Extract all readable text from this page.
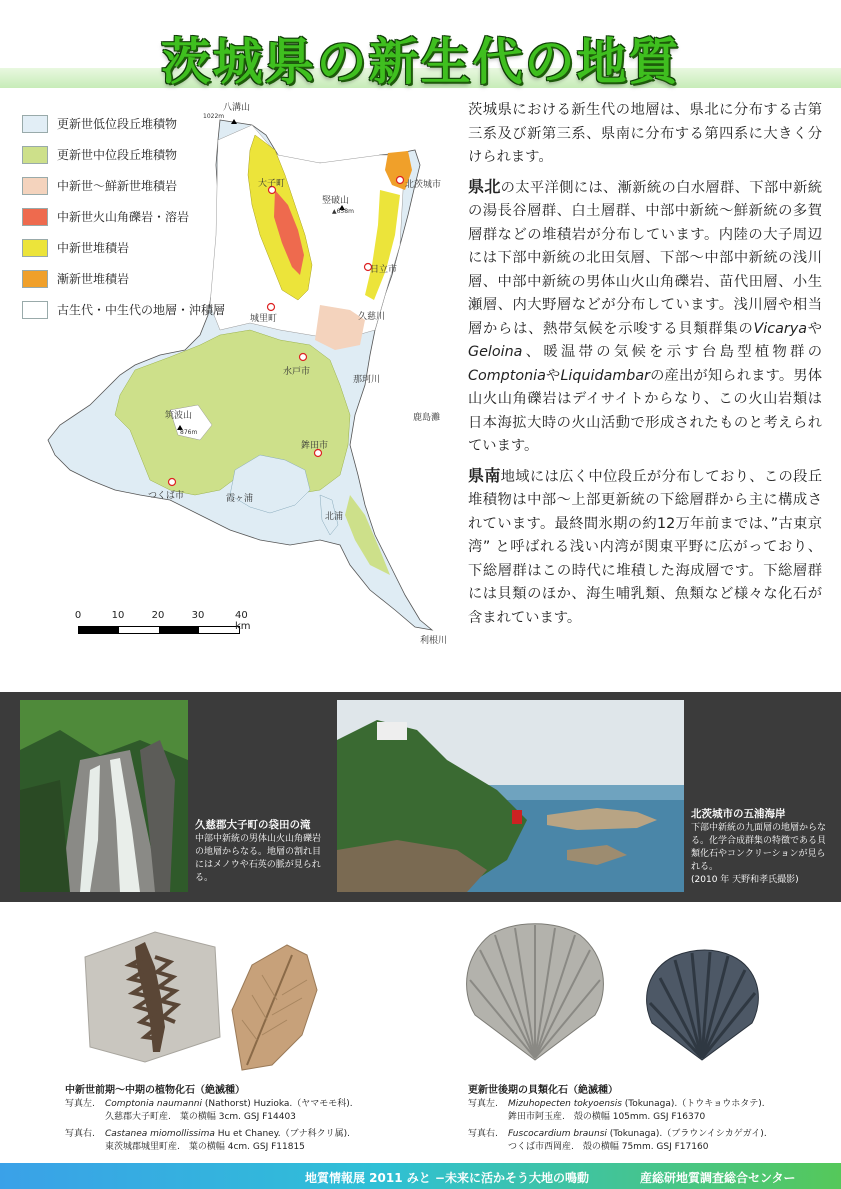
茨城県の新生代の地質
八溝山
1022m
大子町	北茨城市
竪破山
▲658m
日立市
久慈川
城里町
水戸市
那珂川
鹿島灘
筑波山
876m
鉾田市
霞ヶ浦
つくば市
北浦
利根川
更新世低位段丘堆積物
更新世中位段丘堆積物
中新世〜鮮新世堆積岩
中新世火山角礫岩・溶岩
中新世堆積岩
漸新世堆積岩
古生代・中生代の地層・沖積層
0	10	20	30	40 km

茨城県における新生代の地層は、県北に分布する古第三系及び新第三系、県南に分布する第四系に大きく分けられます。

県北の太平洋側には、漸新統の白水層群、下部中新統の湯長谷層群、白土層群、中部中新統〜鮮新統の多賀層群などの堆積岩が分布しています。内陸の大子周辺には下部中新統の北田気層、下部〜中部中新統の浅川層、中部中新統の男体山火山角礫岩、苗代田層、小生瀬層、内大野層などが分布しています。浅川層や相当層からは、熱帯気候を示唆する貝類群集のVicaryaやGeloina、暖温帯の気候を示す台島型植物群のComptoniaやLiquidambarの産出が知られます。男体山火山角礫岩はデイサイトからなり、この火山岩類は日本海拡大時の火山活動で形成されたものと考えられています。

県南地域には広く中位段丘が分布しており、この段丘堆積物は中部〜上部更新統の下総層群から主に構成されています。最終間氷期の約12万年前までは、”古東京湾” と呼ばれる浅い内湾が関東平野に広がっており、下総層群はこの時代に堆積した海成層です。下総層群には貝類のほか、海生哺乳類、魚類など様々な化石が含まれています。

久慈郡大子町の袋田の滝
中部中新統の男体山火山角礫岩の地層からなる。地層の割れ目にはメノウや石英の脈が見られる。
北茨城市の五浦海岸
下部中新統の九面層の地層からなる。化学合成群集の特徴である貝類化石やコンクリーションが見られる。
(2010 年 天野和孝氏撮影)
中新世前期〜中期の植物化石（絶滅種）
写真左.	Comptonia naumanni (Nathorst) Huzioka.（ヤマモモ科).
久慈郡大子町産.　葉の横幅 3cm. GSJ F14403
写真右.	Castanea miomollissima Hu et Chaney.（ブナ科クリ属).
東茨城郡城里町産.　葉の横幅 4cm. GSJ F11815
更新世後期の貝類化石（絶滅種）
写真左.	Mizuhopecten tokyoensis (Tokunaga).（トウキョウホタテ).
鉾田市阿玉産.　殻の横幅 105mm. GSJ F16370
写真右.	Fuscocardium braunsi (Tokunaga).（ブラウンイシカゲガイ).
つくば市西岡産.　殻の横幅 75mm. GSJ F17160
地質情報展 2011 みと −未来に活かそう大地の鳴動	産総研地質調査総合センター
